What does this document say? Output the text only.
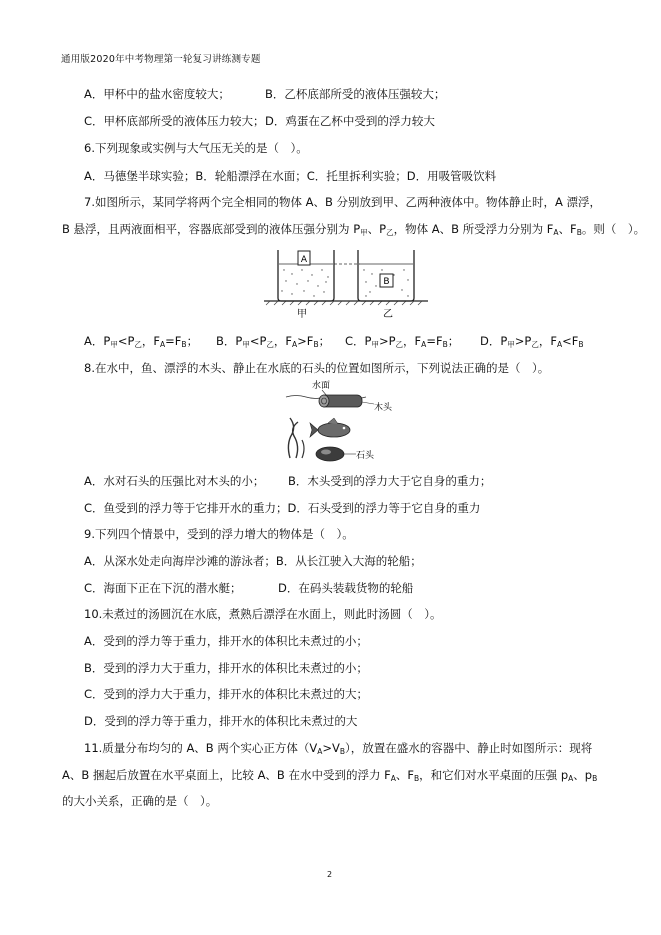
通用版2020年中考物理第一轮复习讲练测专题
A．甲杯中的盐水密度较大；	B．乙杯底部所受的液体压强较大；
C．甲杯底部所受的液体压力较大； D．鸡蛋在乙杯中受到的浮力较大
6.下列现象或实例与大气压无关的是（　）。
A．马德堡半球实验；B．轮船漂浮在水面；C．托里拆利实验；D．用吸管吸饮料
7.如图所示，某同学将两个完全相同的物体 A、B 分别放到甲、乙两种液体中。物体静止时，A 漂浮，
B 悬浮，且两液面相平，容器底部受到的液体压强分别为 $P_甲$、$P_乙$，物体 A、B 所受浮力分别为 $F_A$、$F_B$。则（　）。
A
B
甲	乙
A．$P_甲<P_乙$，$F_A=F_B$； B．$P_甲<P_乙$，$F_A>F_B$； C．$P_甲>P_乙$，$F_A=F_B$； D．$P_甲>P_乙$，$F_A<F_B$
8.在水中，鱼、漂浮的木头、静止在水底的石头的位置如图所示，下列说法正确的是（　）。
水面
木头
石头
A．水对石头的压强比对木头的小； B．木头受到的浮力大于它自身的重力；
C．鱼受到的浮力等于它排开水的重力；D．石头受到的浮力等于它自身的重力
9.下列四个情景中，受到的浮力增大的物体是（　）。
A．从深水处走向海岸沙滩的游泳者；B．从长江驶入大海的轮船；
C．海面下正在下沉的潜水艇；	D．在码头装载货物的轮船
10.未煮过的汤圆沉在水底，煮熟后漂浮在水面上，则此时汤圆（　）。
A．受到的浮力等于重力，排开水的体积比未煮过的小；
B．受到的浮力大于重力，排开水的体积比未煮过的小；
C．受到的浮力大于重力，排开水的体积比未煮过的大；
D．受到的浮力等于重力，排开水的体积比未煮过的大
11.质量分布均匀的 A、B 两个实心正方体$(V_A>V_B)$，放置在盛水的容器中、静止时如图所示：现将
A、B 捆起后放置在水平桌面上，比较 A、B 在水中受到的浮力 $F_A$、$F_B$，和它们对水平桌面的压强 $p_A$、$p_B$
的大小关系，正确的是（　）。
2
